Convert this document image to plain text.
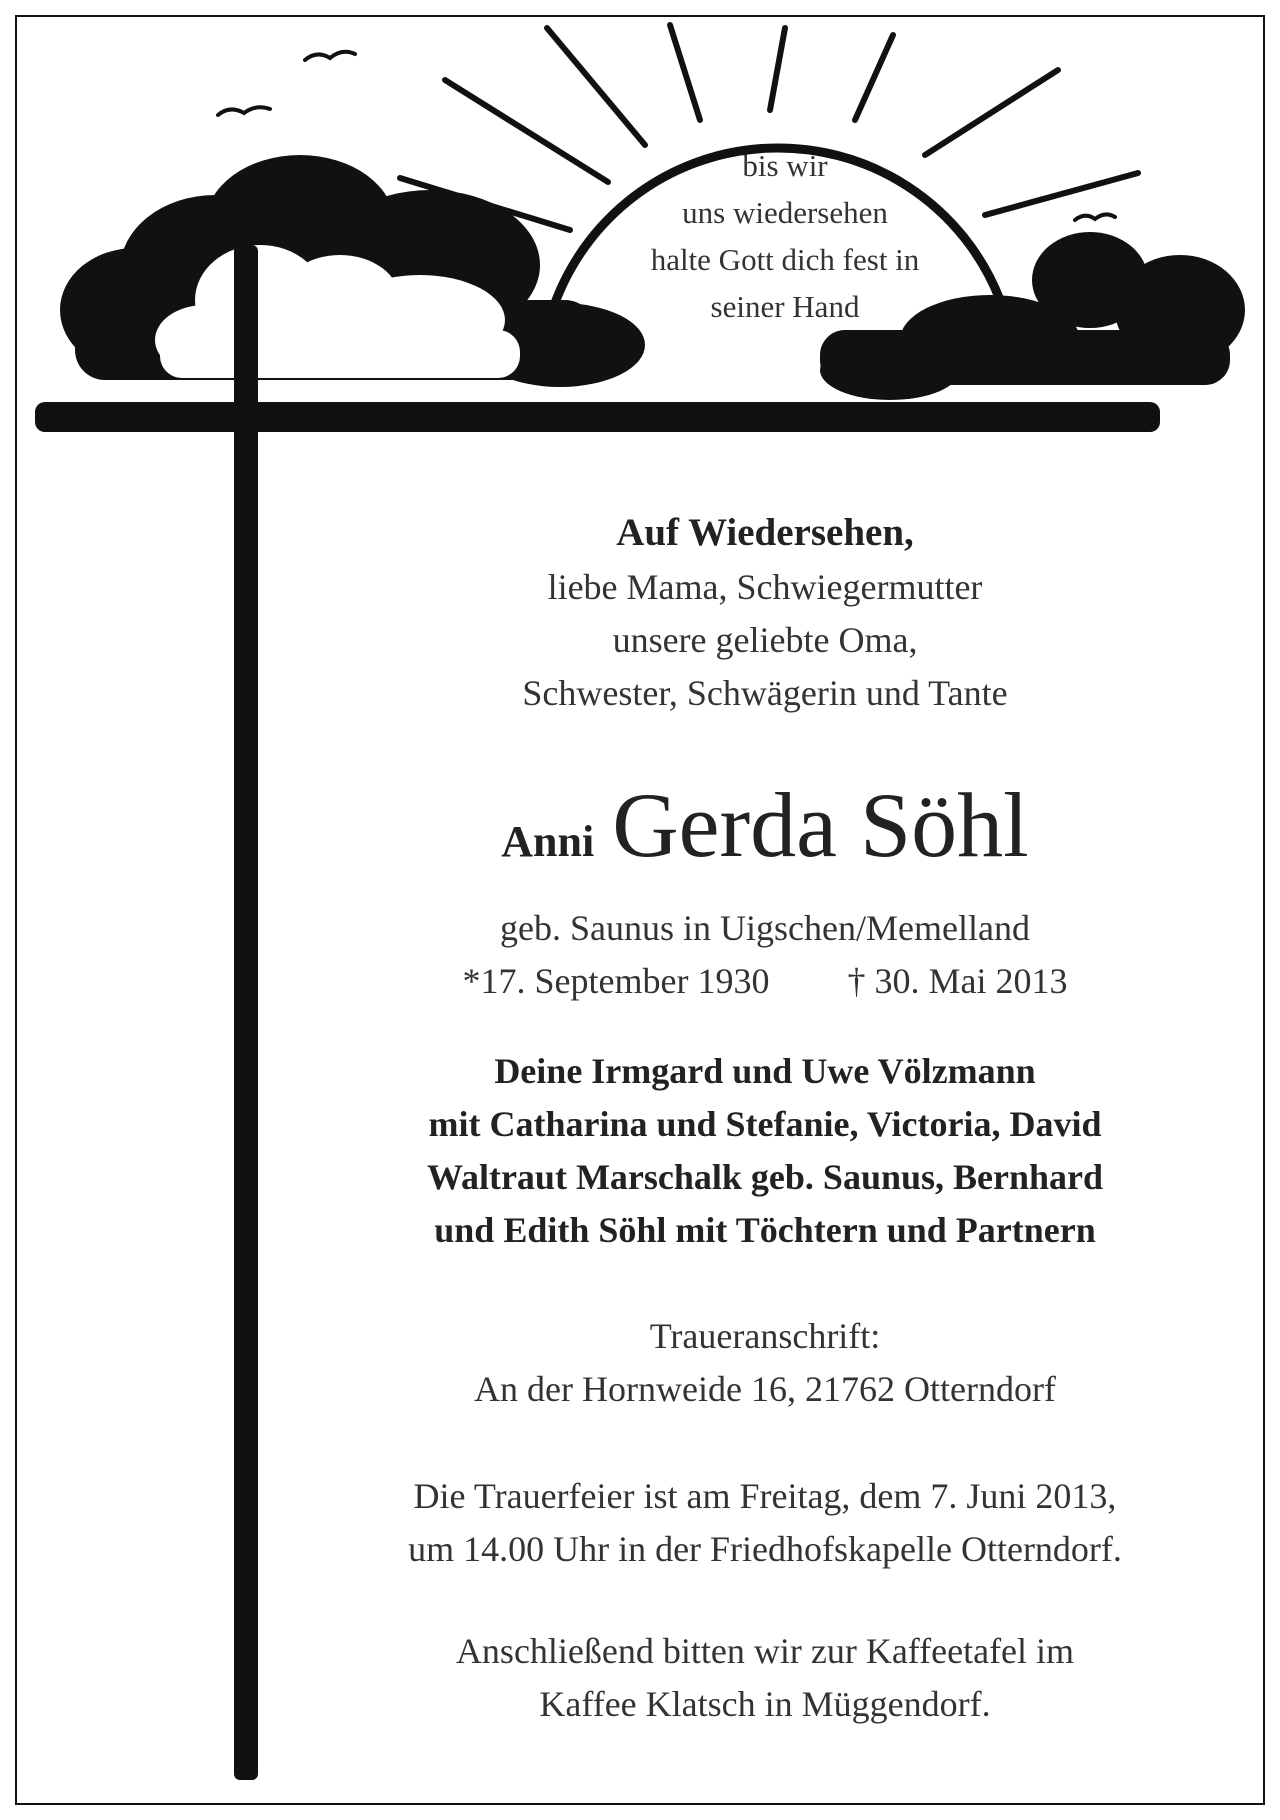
bis wir
uns wiedersehen
halte Gott dich fest in
seiner Hand
Auf Wiedersehen,
liebe Mama, Schwiegermutter
unsere geliebte Oma,
Schwester, Schwägerin und Tante
Anni Gerda Söhl
geb. Saunus in Uigschen/Memelland
*17. September 1930 † 30. Mai 2013
Deine Irmgard und Uwe Völzmann
mit Catharina und Stefanie, Victoria, David
Waltraut Marschalk geb. Saunus, Bernhard
und Edith Söhl mit Töchtern und Partnern
Traueranschrift:
An der Hornweide 16, 21762 Otterndorf
Die Trauerfeier ist am Freitag, dem 7. Juni 2013,
um 14.00 Uhr in der Friedhofskapelle Otterndorf.
Anschließend bitten wir zur Kaffeetafel im
Kaffee Klatsch in Müggendorf.
